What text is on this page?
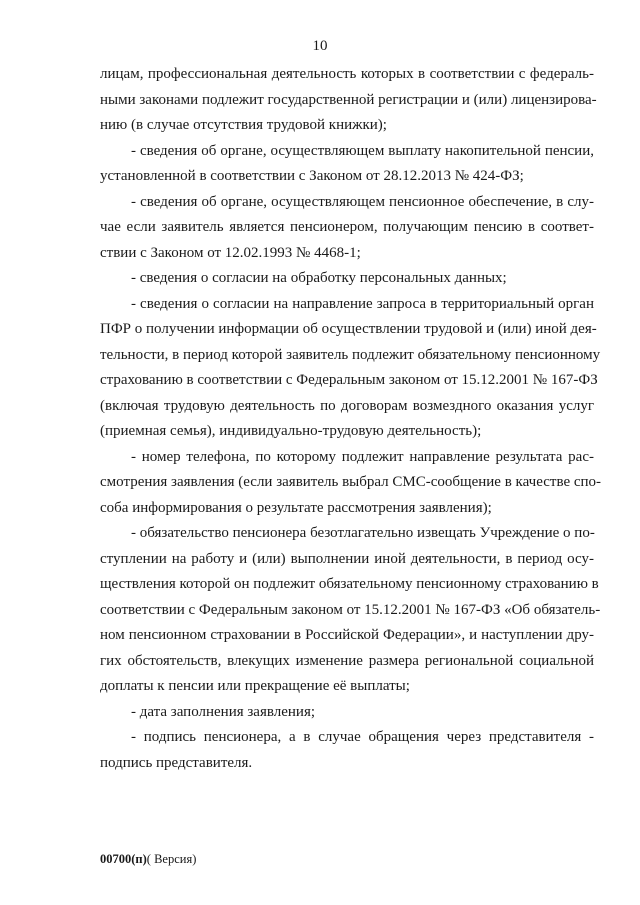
10

лицам, профессиональная деятельность которых в соответствии с федераль-
ными законами подлежит государственной регистрации и (или) лицензирова-
нию (в случае отсутствия трудовой книжки);

- сведения об органе, осуществляющем выплату накопительной пенсии,
установленной в соответствии с Законом от 28.12.2013 № 424-ФЗ;

- сведения об органе, осуществляющем пенсионное обеспечение, в слу-
чае если заявитель является пенсионером, получающим пенсию в соответ-
ствии с Законом от 12.02.1993 № 4468-1;

- сведения о согласии на обработку персональных данных;

- сведения о согласии на направление запроса в территориальный орган
ПФР о получении информации об осуществлении трудовой и (или) иной дея-
тельности, в период которой заявитель подлежит обязательному пенсионному
страхованию в соответствии с Федеральным законом от 15.12.2001 № 167-ФЗ
(включая трудовую деятельность по договорам возмездного оказания услуг
(приемная семья), индивидуально-трудовую деятельность);

- номер телефона, по которому подлежит направление результата рас-
смотрения заявления (если заявитель выбрал СМС-сообщение в качестве спо-
соба информирования о результате рассмотрения заявления);

- обязательство пенсионера безотлагательно извещать Учреждение о по-
ступлении на работу и (или) выполнении иной деятельности, в период осу-
ществления которой он подлежит обязательному пенсионному страхованию в
соответствии с Федеральным законом от 15.12.2001 № 167-ФЗ «Об обязатель-
ном пенсионном страховании в Российской Федерации», и наступлении дру-
гих обстоятельств, влекущих изменение размера региональной социальной
доплаты к пенсии или прекращение её выплаты;

- дата заполнения заявления;

- подпись пенсионера, а в случае обращения через представителя -
подпись представителя.

00700(п)( Версия)
